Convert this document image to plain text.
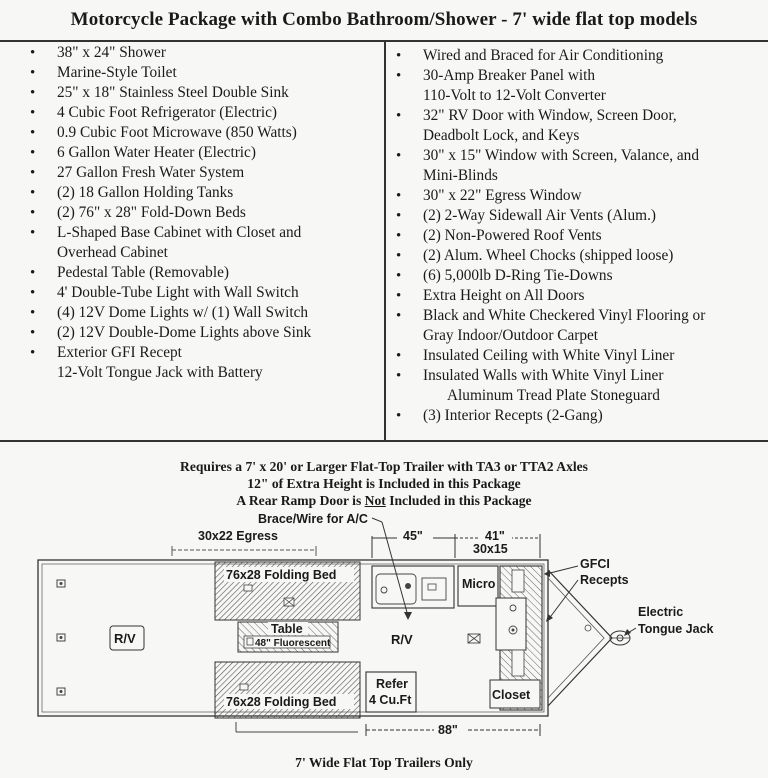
Motorcycle Package with Combo Bathroom/Shower - 7' wide flat top models
• 38" x 24" Shower
• Marine-Style Toilet
• 25" x 18" Stainless Steel Double Sink
• 4 Cubic Foot Refrigerator (Electric)
• 0.9 Cubic Foot Microwave (850 Watts)
• 6 Gallon Water Heater (Electric)
• 27 Gallon Fresh Water System
• (2) 18 Gallon Holding Tanks
• (2) 76" x 28" Fold-Down Beds
• L-Shaped Base Cabinet with Closet and
Overhead Cabinet
• Pedestal Table (Removable)
• 4' Double-Tube Light with Wall Switch
• (4) 12V Dome Lights w/ (1) Wall Switch
• (2) 12V Double-Dome Lights above Sink
• Exterior GFI Recept
12-Volt Tongue Jack with Battery
• Wired and Braced for Air Conditioning
• 30-Amp Breaker Panel with
110-Volt to 12-Volt Converter
• 32" RV Door with Window, Screen Door,
Deadbolt Lock, and Keys
• 30" x 15" Window with Screen, Valance, and
Mini-Blinds
• 30" x 22" Egress Window
• (2) 2-Way Sidewall Air Vents (Alum.)
• (2) Non-Powered Roof Vents
• (2) Alum. Wheel Chocks (shipped loose)
• (6) 5,000lb D-Ring Tie-Downs
• Extra Height on All Doors
• Black and White Checkered Vinyl Flooring or
Gray Indoor/Outdoor Carpet
• Insulated Ceiling with White Vinyl Liner
• Insulated Walls with White Vinyl Liner
Aluminum Tread Plate Stoneguard
• (3) Interior Recepts (2-Gang)
Requires a 7' x 20' or Larger Flat-Top Trailer with TA3 or TTA2 Axles
12" of Extra Height is Included in this Package
A Rear Ramp Door is Not Included in this Package
Brace/Wire for A/C
30x22 Egress	45"	41"
30x15
R/V
76x28 Folding Bed
Table
48" Fluorescent
76x28 Folding Bed
R/V
Micro
Closet
Refer
4 Cu.Ft
88"
GFCI
Recepts
Electric
Tongue Jack
7' Wide Flat Top Trailers Only
